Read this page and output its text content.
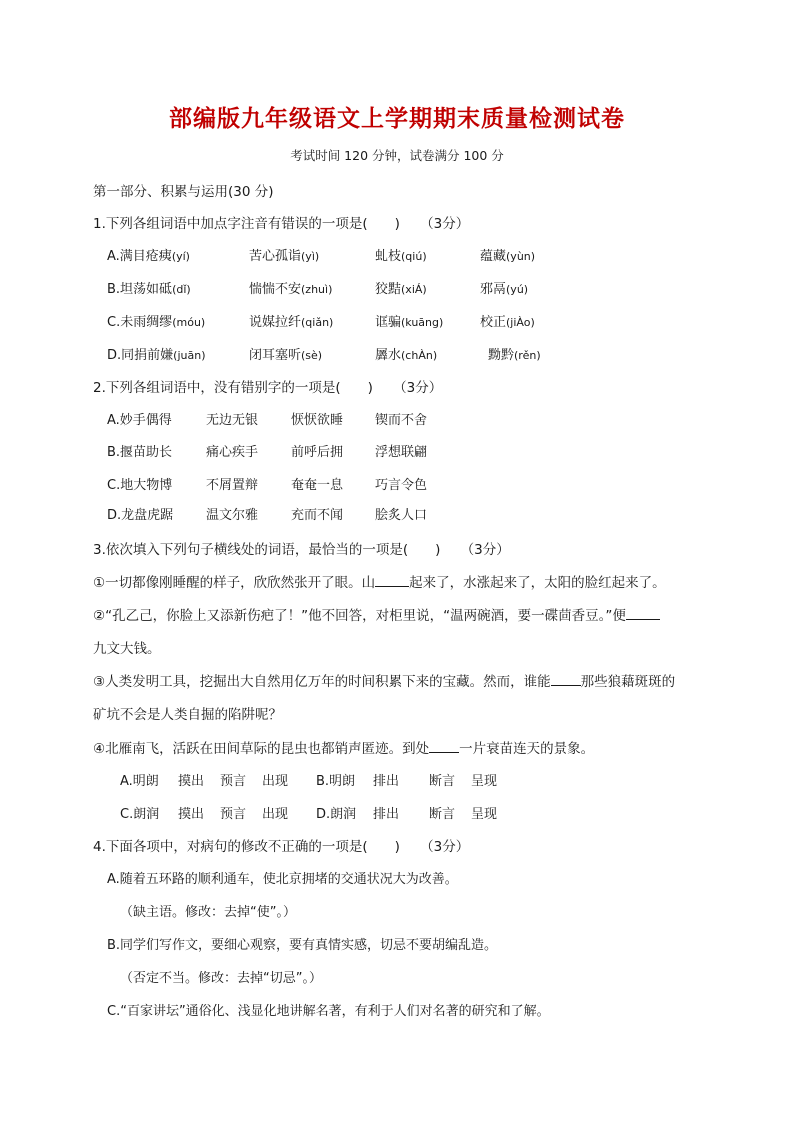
部编版九年级语文上学期期末质量检测试卷
考试时间 120 分钟，试卷满分 100 分
第一部分、积累与运用(30 分)
1.下列各组词语中加点字注音有错误的一项是(　　)　　（3分）
A.满目疮痍(yí)	苦心孤诣(yì)	虬枝(qiú)	蕴藏(yùn)
B.坦荡如砥(dǐ)	惴惴不安(zhuì)	狡黠(xiÁ)	邪鬲(yú)
C.未雨绸缪(móu)	说媒拉纤(qiǎn)	诓骗(kuāng)	校正(jiÀo)
D.同捐前嫌(juān)	闭耳塞听(sè)	羼水(chÀn)	黝黔(rěn)
2.下列各组词语中，没有错别字的一项是(　　)　　（3分）
A.妙手偶得	无边无银	恹恹欲睡 锲而不舍
B.揠苗助长	痛心疾手	前呼后拥 浮想联翩
C.地大物博	不屑置辩	奄奄一息 巧言令色
D.龙盘虎踞	温文尔雅	充而不闻 脍炙人口
3.依次填入下列句子横线处的词语，最恰当的一项是(　　)　　（3分）
①一切都像刚睡醒的样子，欣欣然张开了眼。山	起来了，水涨起来了，太阳的脸红起来了。
②“孔乙己，你脸上又添新伤疤了！”他不回答，对柜里说，“温两碗酒，要一碟茴香豆。”便
九文大钱。
③人类发明工具，挖掘出大自然用亿万年的时间积累下来的宝藏。然而，谁能 那些狼藉斑斑的
矿坑不会是人类自掘的陷阱呢？
④北雁南飞，活跃在田间草际的昆虫也都销声匿迹。到处 一片衰苗连天的景象。
A.明朗 摸出 预言 出现 B.明朗 排出 断言 呈现
C.朗润 摸出 预言 出现 D.朗润 排出 断言 呈现
4.下面各项中，对病句的修改不正确的一项是(　　)　　（3分）
A.随着五环路的顺利通车，使北京拥堵的交通状况大为改善。
（缺主语。修改：去掉“使”。）
B.同学们写作文，要细心观察，要有真情实感，切忌不要胡编乱造。
（否定不当。修改：去掉“切忌”。）
C.“百家讲坛”通俗化、浅显化地讲解名著，有利于人们对名著的研究和了解。
